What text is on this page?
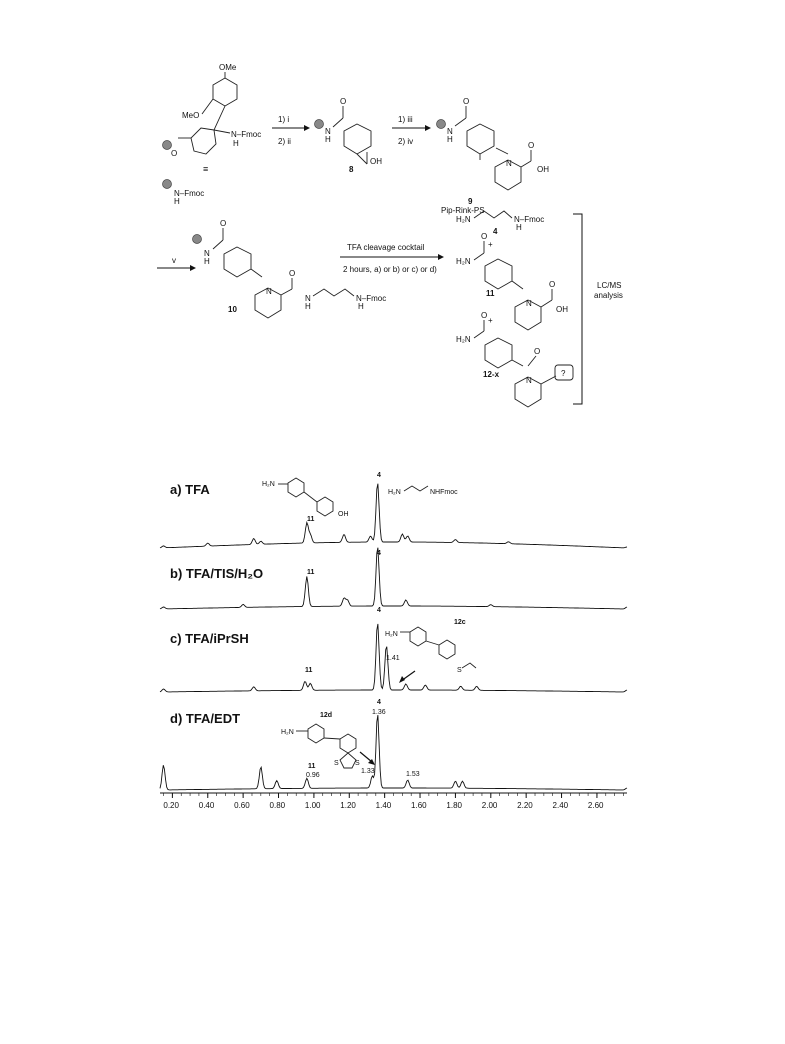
OMe
MeO
N–Fmoc
H
O
≡
N–Fmoc
H
1) i
2) ii
N
H
O
OH
8
1) iii
2) iv
N
H
O
N
O
OH
9
Pip-Rink-PS
v
N
H
O
N
O
N
H
N–Fmoc
H
10
TFA cleavage cocktail
2 hours, a) or b) or c) or d)
H₂N	N–Fmoc
H
4
+
H₂N
O
N
O
OH
11
+
H₂N
O
N
?
O
12-x
LC/MS
analysis
a) TFA
b) TFA/TIS/H₂O
c) TFA/iPrSH
d) TFA/EDT
11
4
H₂N
OH
H₂N	NHFmoc
11
4
11
4
1.41
12c
H₂N
S
11
0.96
4
1.36
1.33	1.53
12d
H₂N
S S
0.20 0.40 0.60 0.80 1.00 1.20 1.40 1.60 1.80 2.00 2.20 2.40 2.60
